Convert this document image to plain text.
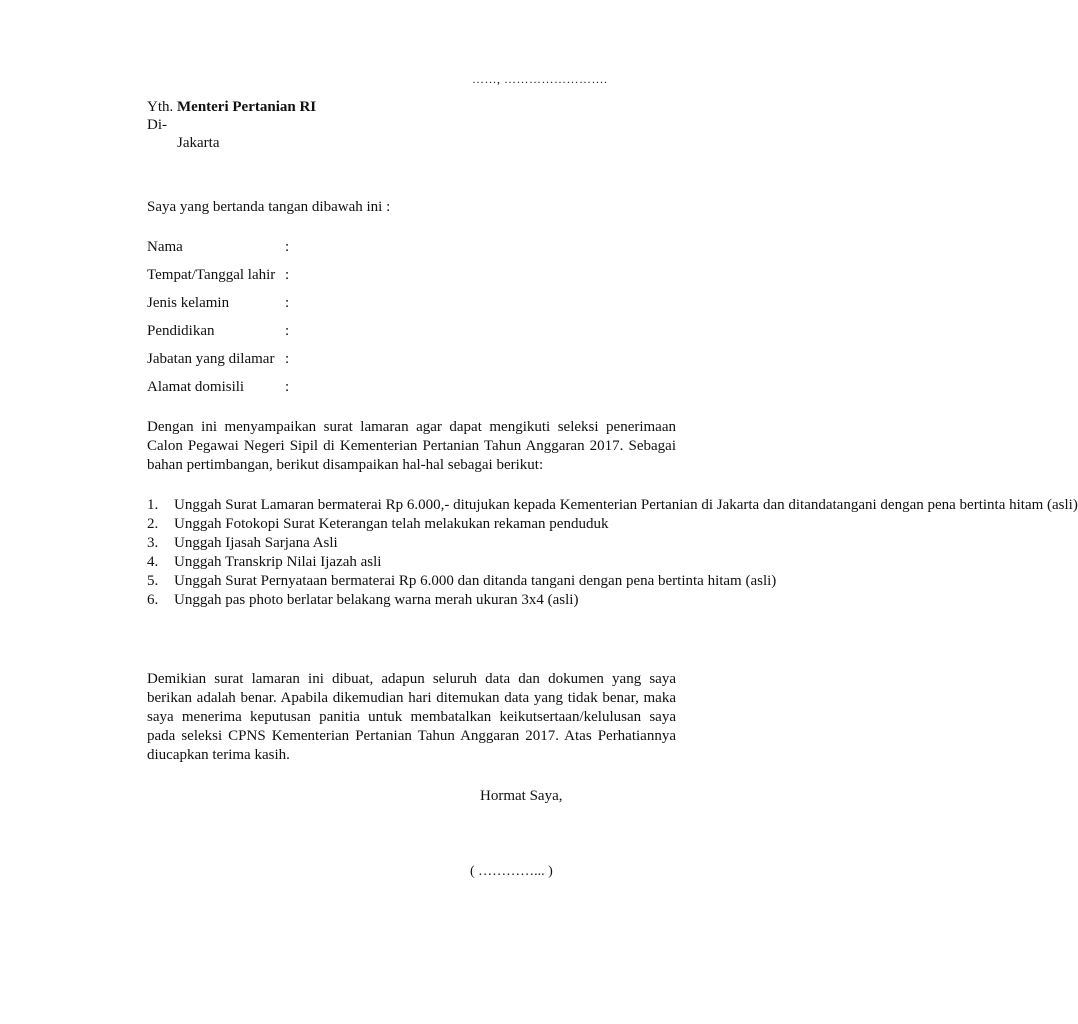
……, …………………….
Yth. Menteri Pertanian RI
Di-
Jakarta
Saya yang bertanda tangan dibawah ini :
Nama	:
Tempat/Tanggal lahir :
Jenis kelamin	:
Pendidikan	:
Jabatan yang dilamar :
Alamat domisili	:
Dengan ini menyampaikan surat lamaran agar dapat mengikuti seleksi penerimaan Calon Pegawai Negeri Sipil di Kementerian Pertanian Tahun Anggaran 2017. Sebagai bahan pertimbangan, berikut disampaikan hal-hal sebagai berikut:
1.	Unggah Surat Lamaran bermaterai Rp 6.000,- ditujukan kepada Kementerian Pertanian di Jakarta dan ditandatangani dengan pena bertinta hitam (asli)
2.	Unggah Fotokopi Surat Keterangan telah melakukan rekaman penduduk
3.	Unggah Ijasah Sarjana Asli
4.	Unggah Transkrip Nilai Ijazah asli
5.	Unggah Surat Pernyataan bermaterai Rp 6.000 dan ditanda tangani dengan pena bertinta hitam (asli)
6.	Unggah pas photo berlatar belakang warna merah ukuran 3x4 (asli)
Demikian surat lamaran ini dibuat, adapun seluruh data dan dokumen yang saya berikan adalah benar. Apabila dikemudian hari ditemukan data yang tidak benar, maka saya menerima keputusan panitia untuk membatalkan keikutsertaan/kelulusan saya pada seleksi CPNS Kementerian Pertanian Tahun Anggaran 2017. Atas Perhatiannya diucapkan terima kasih.
Hormat Saya,
( …………... )
